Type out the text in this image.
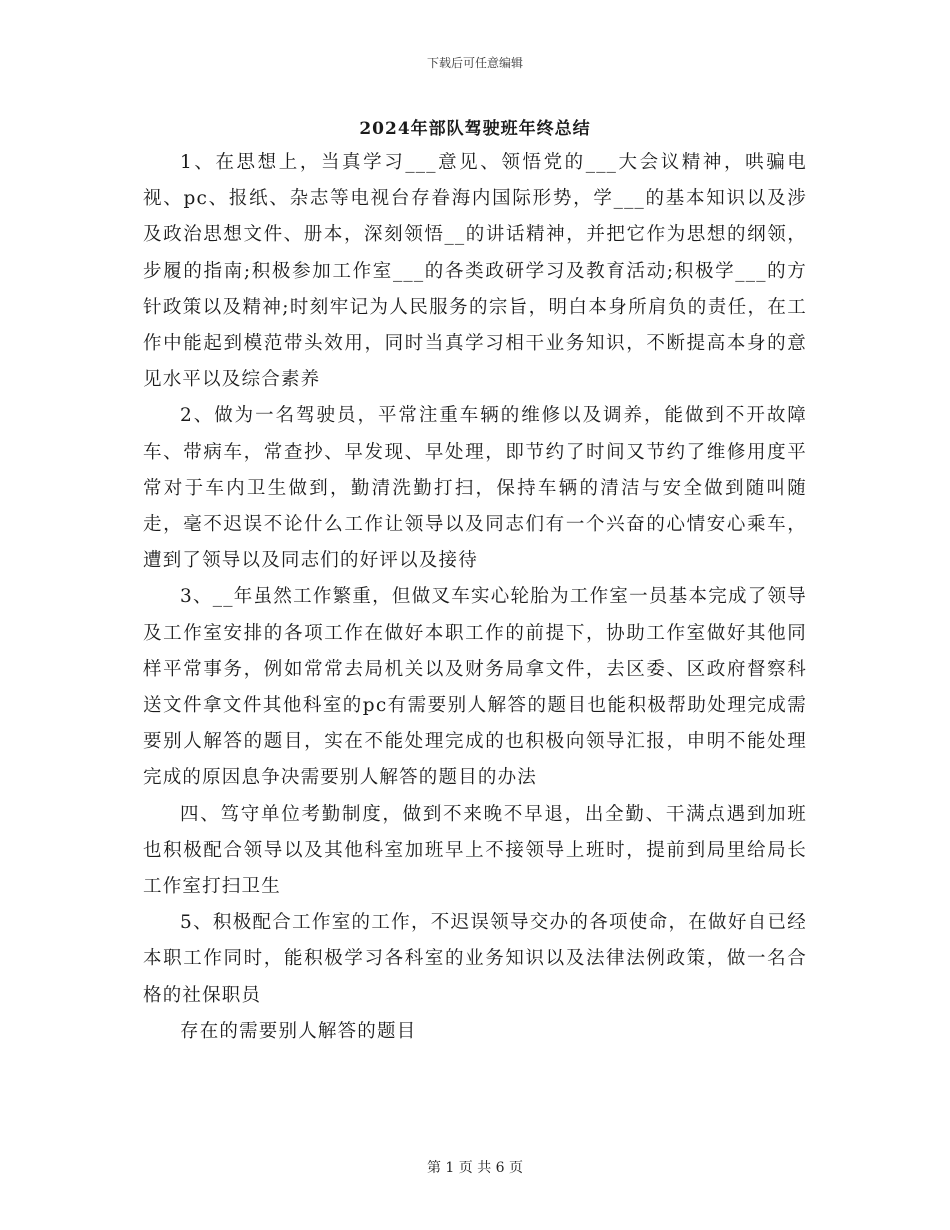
下载后可任意编辑
2024年部队驾驶班年终总结

1、在思想上，当真学习___意见、领悟党的___大会议精神，哄骗电视、pc、报纸、杂志等电视台存眷海内国际形势，学___的基本知识以及涉及政治思想文件、册本，深刻领悟__的讲话精神，并把它作为思想的纲领，步履的指南;积极参加工作室___的各类政研学习及教育活动;积极学___的方针政策以及精神;时刻牢记为人民服务的宗旨，明白本身所肩负的责任，在工作中能起到模范带头效用，同时当真学习相干业务知识，不断提高本身的意见水平以及综合素养

2、做为一名驾驶员，平常注重车辆的维修以及调养，能做到不开故障车、带病车，常查抄、早发现、早处理，即节约了时间又节约了维修用度平常对于车内卫生做到，勤清洗勤打扫，保持车辆的清洁与安全做到随叫随走，毫不迟误不论什么工作让领导以及同志们有一个兴奋的心情安心乘车，遭到了领导以及同志们的好评以及接待

3、__年虽然工作繁重，但做叉车实心轮胎为工作室一员基本完成了领导及工作室安排的各项工作在做好本职工作的前提下，协助工作室做好其他同样平常事务，例如常常去局机关以及财务局拿文件，去区委、区政府督察科送文件拿文件其他科室的pc有需要别人解答的题目也能积极帮助处理完成需要别人解答的题目，实在不能处理完成的也积极向领导汇报，申明不能处理完成的原因息争决需要别人解答的题目的办法

四、笃守单位考勤制度，做到不来晚不早退，出全勤、干满点遇到加班也积极配合领导以及其他科室加班早上不接领导上班时，提前到局里给局长工作室打扫卫生

5、积极配合工作室的工作，不迟误领导交办的各项使命，在做好自已经本职工作同时，能积极学习各科室的业务知识以及法律法例政策，做一名合格的社保职员

存在的需要别人解答的题目

第 1 页 共 6 页
